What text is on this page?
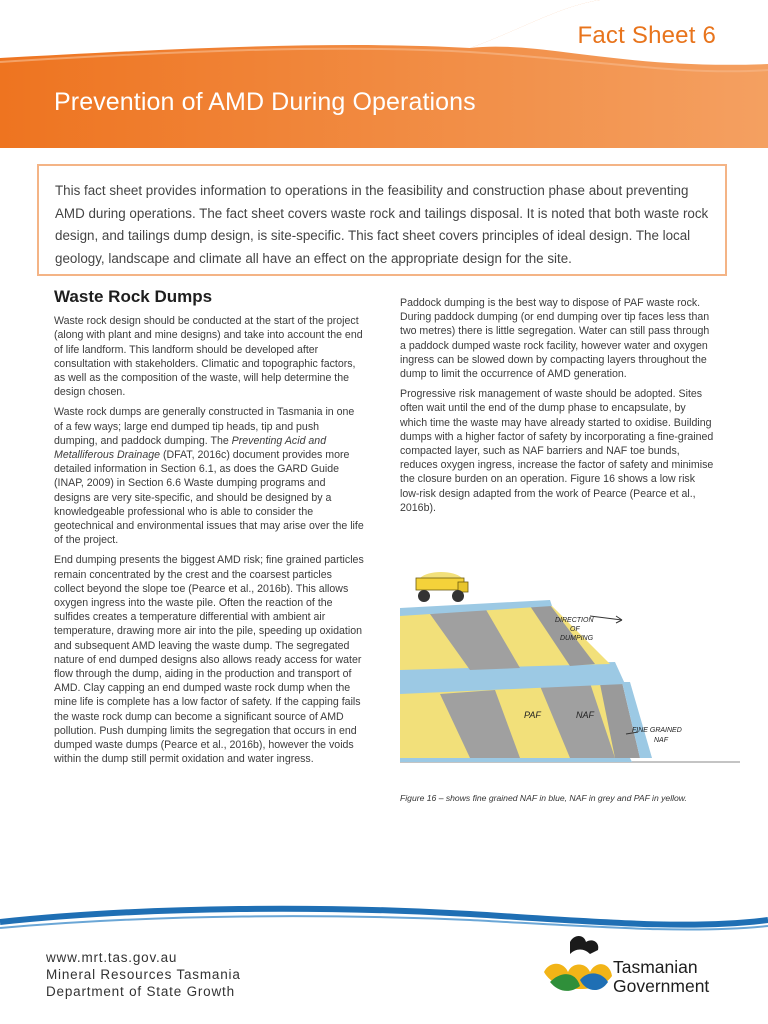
Fact Sheet 6
Prevention of AMD During Operations
This fact sheet provides information to operations in the feasibility and construction phase about preventing AMD during operations. The fact sheet covers waste rock and tailings disposal. It is noted that both waste rock design, and tailings dump design, is site-specific. This fact sheet covers principles of ideal design. The local geology, landscape and climate all have an effect on the appropriate design for the site.
Waste Rock Dumps

Waste rock design should be conducted at the start of the project (along with plant and mine designs) and take into account the end of life landform. This landform should be developed after consultation with stakeholders. Climatic and topographic factors, as well as the composition of the waste, will help determine the design chosen.

Waste rock dumps are generally constructed in Tasmania in one of a few ways; large end dumped tip heads, tip and push dumping, and paddock dumping. The Preventing Acid and Metalliferous Drainage (DFAT, 2016c) document provides more detailed information in Section 6.1, as does the GARD Guide (INAP, 2009) in Section 6.6 Waste dumping programs and designs are very site-specific, and should be designed by a knowledgeable professional who is able to consider the geotechnical and environmental issues that may arise over the life of the project.

End dumping presents the biggest AMD risk; fine grained particles remain concentrated by the crest and the coarsest particles collect beyond the slope toe (Pearce et al., 2016b). This allows oxygen ingress into the waste pile. Often the reaction of the sulfides creates a temperature differential with ambient air temperature, drawing more air into the pile, speeding up oxidation and subsequent AMD leaving the waste dump. The segregated nature of end dumped designs also allows ready access for water flow through the dump, aiding in the production and transport of AMD. Clay capping an end dumped waste rock dump when the mine life is complete has a low factor of safety. If the capping fails the waste rock dump can become a significant source of AMD pollution. Push dumping limits the segregation that occurs in end dumped waste dumps (Pearce et al., 2016b), however the voids within the dump still permit oxidation and water ingress.

Paddock dumping is the best way to dispose of PAF waste rock. During paddock dumping (or end dumping over tip faces less than two metres) there is little segregation. Water can still pass through a paddock dumped waste rock facility, however water and oxygen ingress can be slowed down by compacting layers throughout the dump to limit the occurrence of AMD generation.

Progressive risk management of waste should be adopted. Sites often wait until the end of the dump phase to encapsulate, by which time the waste may have already started to oxidise. Building dumps with a higher factor of safety by incorporating a fine-grained compacted layer, such as NAF barriers and NAF toe bunds, reduces oxygen ingress, increase the factor of safety and minimise the closure burden on an operation. Figure 16 shows a low risk low-risk design adapted from the work of Pearce (Pearce et al., 2016b).

DIRECTION
OF
DUMPING
PAF	NAF
FINE GRAINED
NAF
Figure 16 – shows fine grained NAF in blue, NAF in grey and PAF in yellow.
www.mrt.tas.gov.au
Mineral Resources Tasmania
Department of State Growth
Tasmanian
Government
